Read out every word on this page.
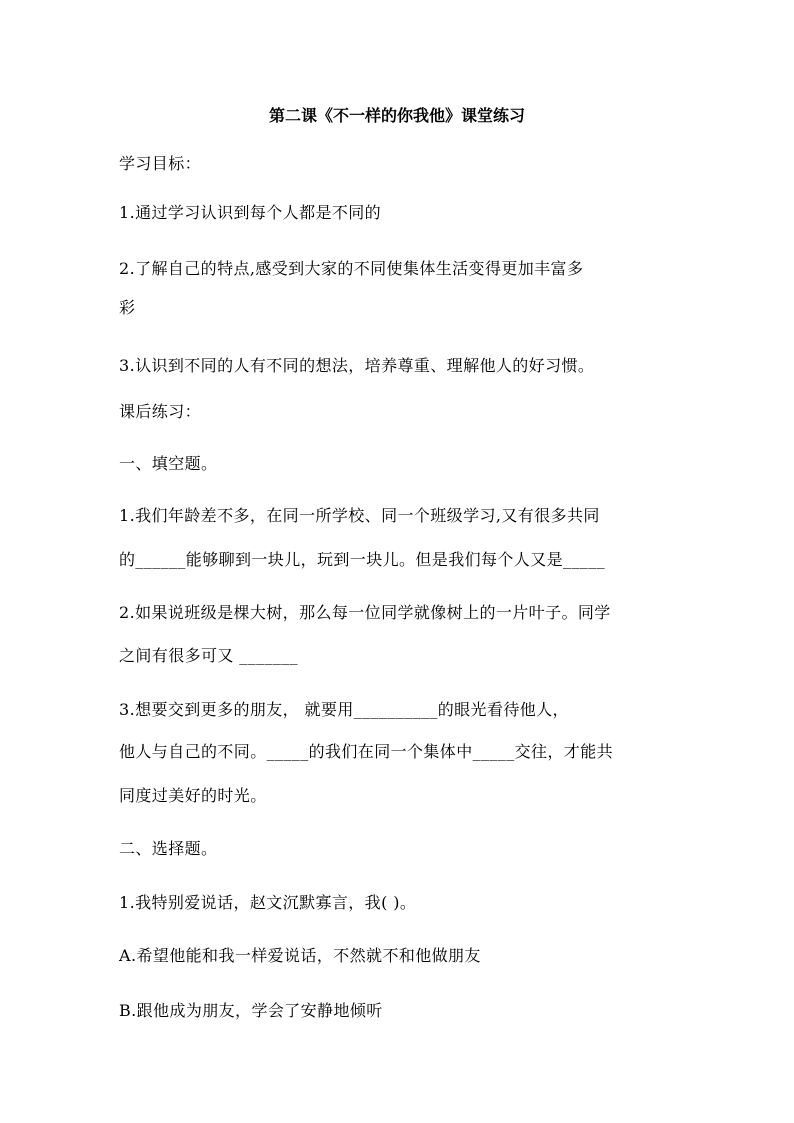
第二课《不一样的你我他》课堂练习
学习目标：
1.通过学习认识到每个人都是不同的
2.了解自己的特点,感受到大家的不同使集体生活变得更加丰富多
彩
3.认识到不同的人有不同的想法，培养尊重、理解他人的好习惯。
课后练习：
一、填空题。
1.我们年龄差不多，在同一所学校、同一个班级学习,又有很多共同
的______能够聊到一块儿，玩到一块儿。但是我们每个人又是_____
2.如果说班级是棵大树，那么每一位同学就像树上的一片叶子。同学
之间有很多可又 _______
3.想要交到更多的朋友， 就要用__________的眼光看待他人，
他人与自己的不同。_____的我们在同一个集体中_____交往，才能共
同度过美好的时光。
二、选择题。
1.我特别爱说话，赵文沉默寡言，我( )。
A.希望他能和我一样爱说话，不然就不和他做朋友
B.跟他成为朋友，学会了安静地倾听
